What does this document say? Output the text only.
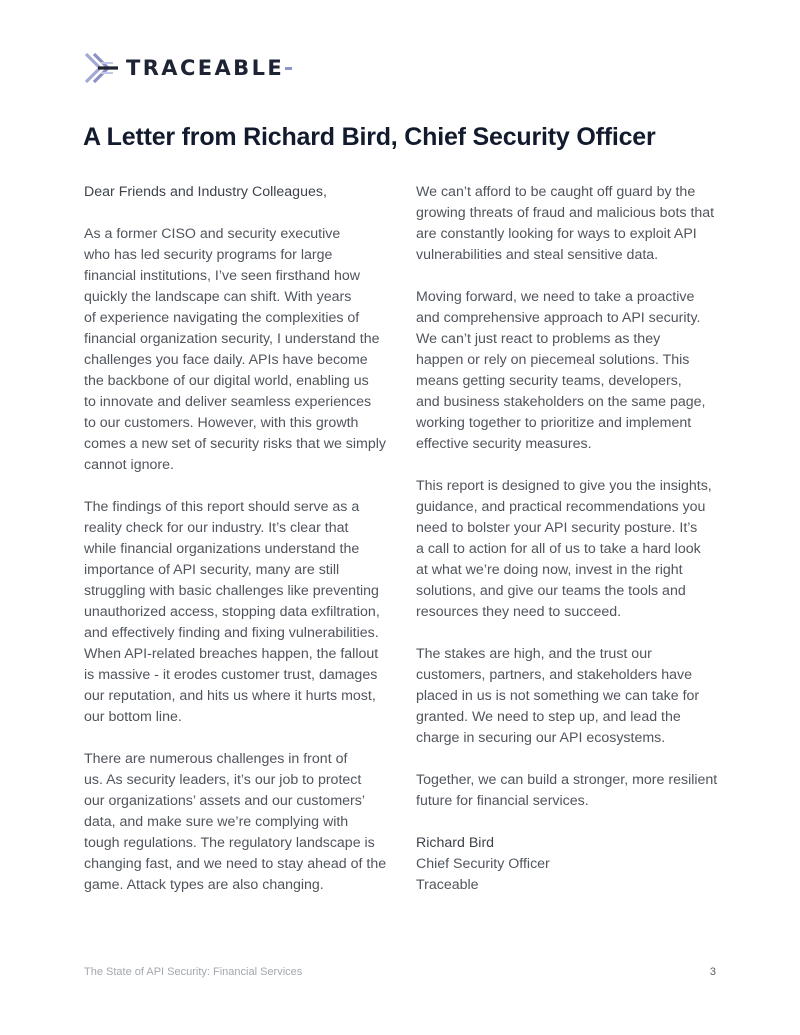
TRACEABLE
A Letter from Richard Bird, Chief Security Officer
Dear Friends and Industry Colleagues,
As a former CISO and security executive
who has led security programs for large
financial institutions, I’ve seen firsthand how
quickly the landscape can shift. With years
of experience navigating the complexities of
financial organization security, I understand the
challenges you face daily. APIs have become
the backbone of our digital world, enabling us
to innovate and deliver seamless experiences
to our customers. However, with this growth
comes a new set of security risks that we simply
cannot ignore.
The findings of this report should serve as a
reality check for our industry. It’s clear that
while financial organizations understand the
importance of API security, many are still
struggling with basic challenges like preventing
unauthorized access, stopping data exfiltration,
and effectively finding and fixing vulnerabilities.
When API-related breaches happen, the fallout
is massive - it erodes customer trust, damages
our reputation, and hits us where it hurts most,
our bottom line.
There are numerous challenges in front of
us. As security leaders, it’s our job to protect
our organizations’ assets and our customers’
data, and make sure we’re complying with
tough regulations. The regulatory landscape is
changing fast, and we need to stay ahead of the
game. Attack types are also changing.
We can’t afford to be caught off guard by the
growing threats of fraud and malicious bots that
are constantly looking for ways to exploit API
vulnerabilities and steal sensitive data.
Moving forward, we need to take a proactive
and comprehensive approach to API security.
We can’t just react to problems as they
happen or rely on piecemeal solutions. This
means getting security teams, developers,
and business stakeholders on the same page,
working together to prioritize and implement
effective security measures.
This report is designed to give you the insights,
guidance, and practical recommendations you
need to bolster your API security posture. It’s
a call to action for all of us to take a hard look
at what we’re doing now, invest in the right
solutions, and give our teams the tools and
resources they need to succeed.
The stakes are high, and the trust our
customers, partners, and stakeholders have
placed in us is not something we can take for
granted. We need to step up, and lead the
charge in securing our API ecosystems.
Together, we can build a stronger, more resilient
future for financial services.
Richard Bird
Chief Security Officer
Traceable
The State of API Security: Financial Services	3
